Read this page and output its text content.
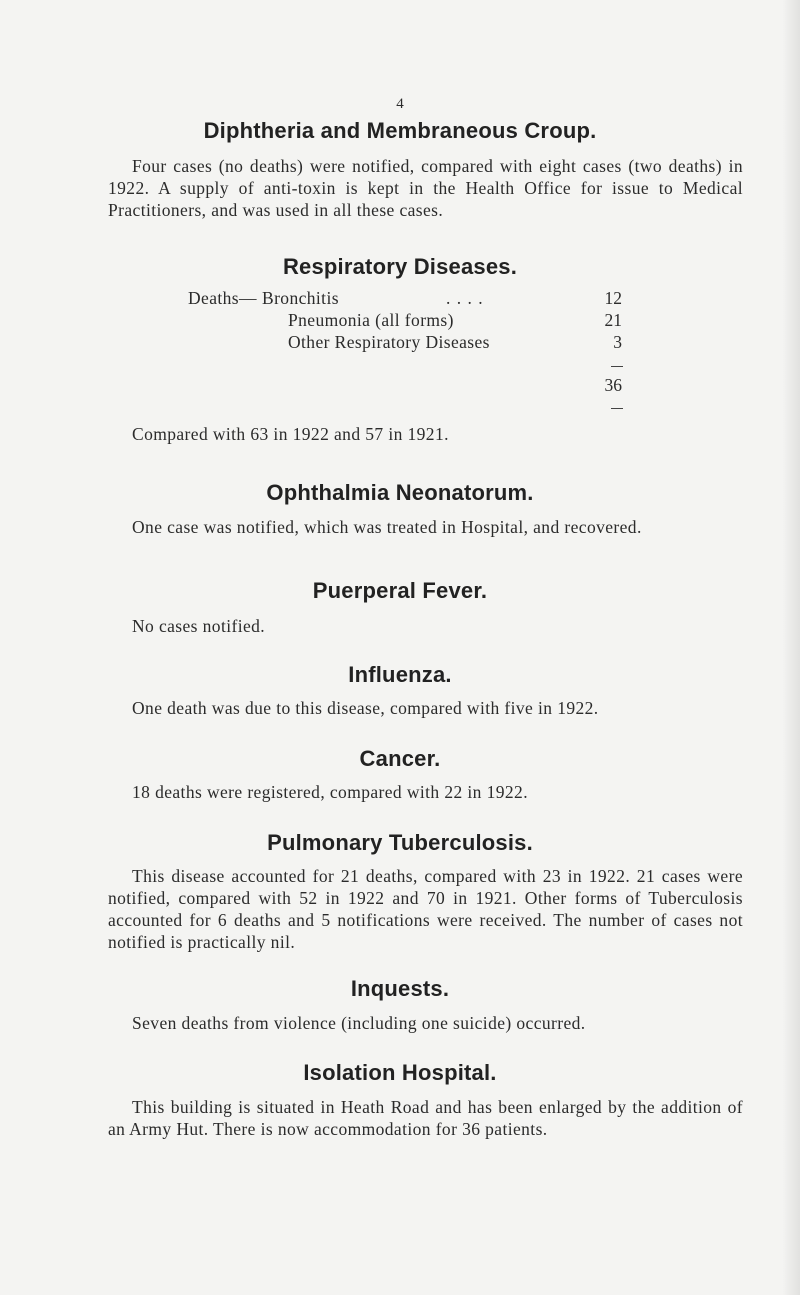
4
Diphtheria and Membraneous Croup.

Four cases (no deaths) were notified, compared with eight cases (two deaths) in 1922. A supply of anti-toxin is kept in the Health Office for issue to Medical Practitioners, and was used in all these cases.

Respiratory Diseases.
Deaths— Bronchitis	. . . .	12
Pneumonia (all forms)	21
Other Respiratory Diseases	3
36

Compared with 63 in 1922 and 57 in 1921.

Ophthalmia Neonatorum.

One case was notified, which was treated in Hospital, and recovered.

Puerperal Fever.

No cases notified.

Influenza.

One death was due to this disease, compared with five in 1922.

Cancer.

18 deaths were registered, compared with 22 in 1922.

Pulmonary Tuberculosis.

This disease accounted for 21 deaths, compared with 23 in 1922. 21 cases were notified, compared with 52 in 1922 and 70 in 1921. Other forms of Tuberculosis accounted for 6 deaths and 5 notifications were received. The number of cases not notified is practically nil.

Inquests.

Seven deaths from violence (including one suicide) occurred.

Isolation Hospital.

This building is situated in Heath Road and has been enlarged by the addition of an Army Hut. There is now accommodation for 36 patients.
